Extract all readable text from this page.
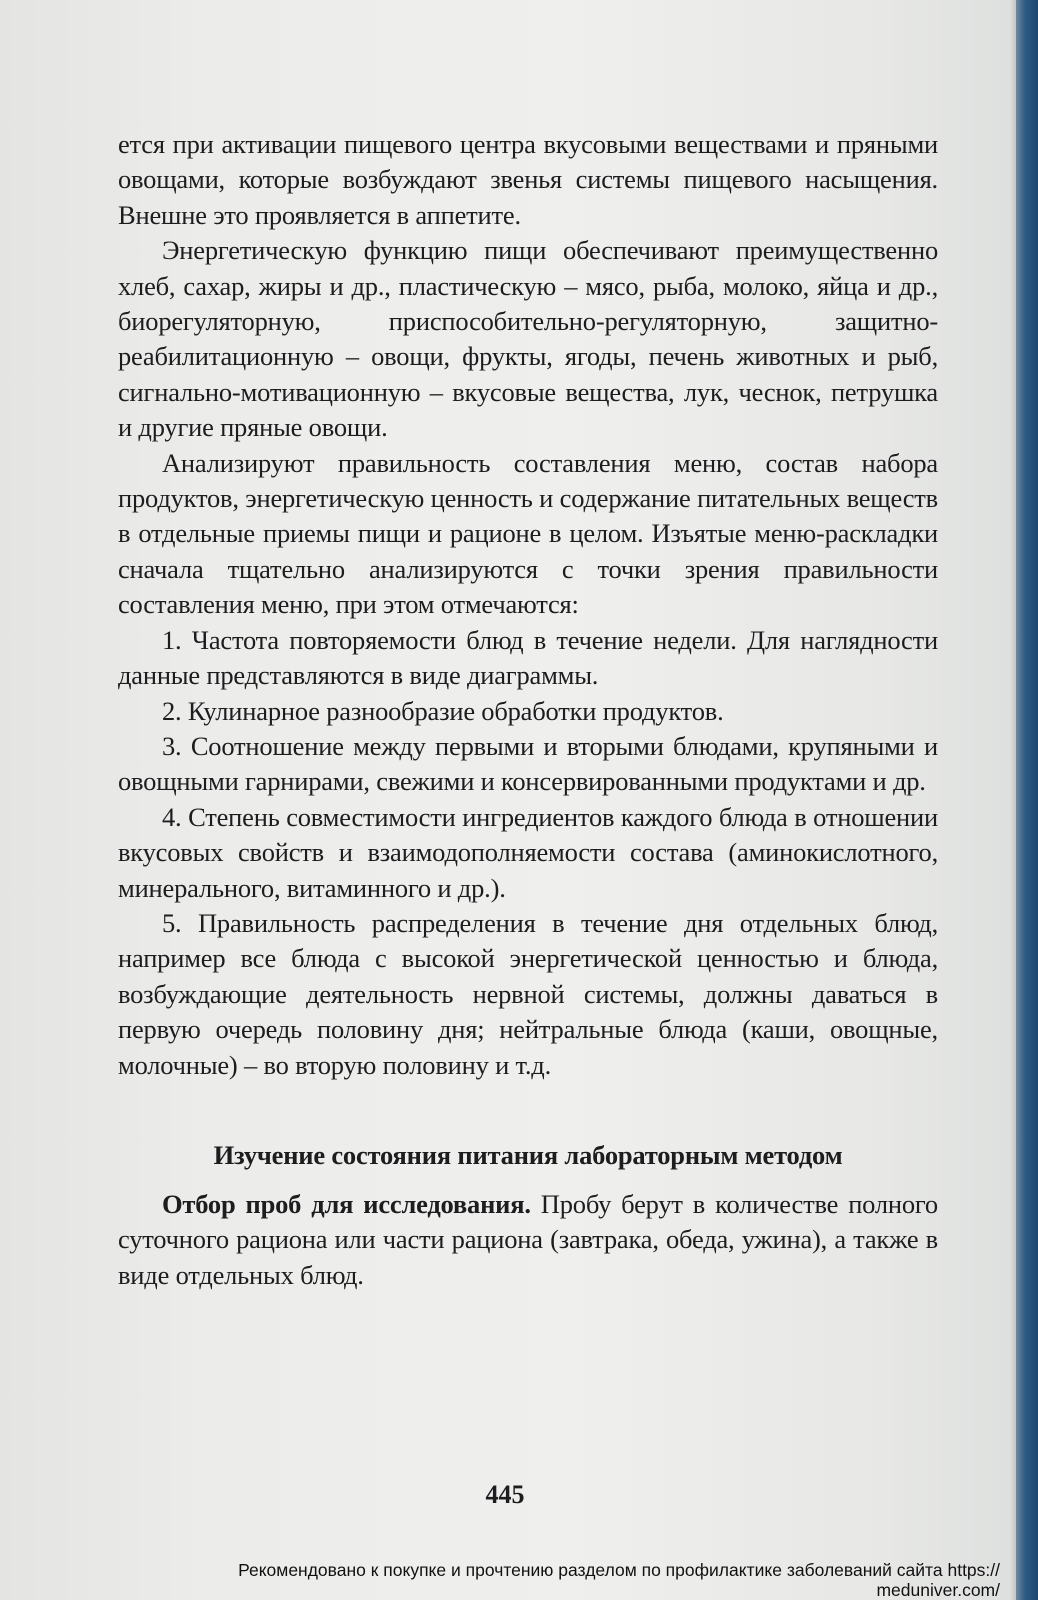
ется при активации пищевого центра вкусовыми веществами и пряными овощами, которые возбуждают звенья системы пищевого насыщения. Внешне это проявляется в аппетите.

Энергетическую функцию пищи обеспечивают преимущественно хлеб, сахар, жиры и др., пластическую – мясо, рыба, молоко, яйца и др., биорегуляторную, приспособительно-регуляторную, защитно-реабилитационную – овощи, фрукты, ягоды, печень животных и рыб, сигнально-мотивационную – вкусовые вещества, лук, чеснок, петрушка и другие пряные овощи.

Анализируют правильность составления меню, состав набора продуктов, энергетическую ценность и содержание питательных веществ в отдельные приемы пищи и рационе в целом. Изъятые меню-раскладки сначала тщательно анализируются с точки зрения правильности составления меню, при этом отмечаются:

1. Частота повторяемости блюд в течение недели. Для наглядности данные представляются в виде диаграммы.

2. Кулинарное разнообразие обработки продуктов.

3. Соотношение между первыми и вторыми блюдами, крупяными и овощными гарнирами, свежими и консервированными продуктами и др.

4. Степень совместимости ингредиентов каждого блюда в отношении вкусовых свойств и взаимодополняемости состава (аминокислотного, минерального, витаминного и др.).

5. Правильность распределения в течение дня отдельных блюд, например все блюда с высокой энергетической ценностью и блюда, возбуждающие деятельность нервной системы, должны даваться в первую очередь половину дня; нейтральные блюда (каши, овощные, молочные) – во вторую половину и т.д.

Изучение состояния питания лабораторным методом

Отбор проб для исследования. Пробу берут в количестве полного суточного рациона или части рациона (завтрака, обеда, ужина), а также в виде отдельных блюд.

445
Рекомендовано к покупке и прочтению разделом по профилактике заболеваний сайта https://
meduniver.com/
